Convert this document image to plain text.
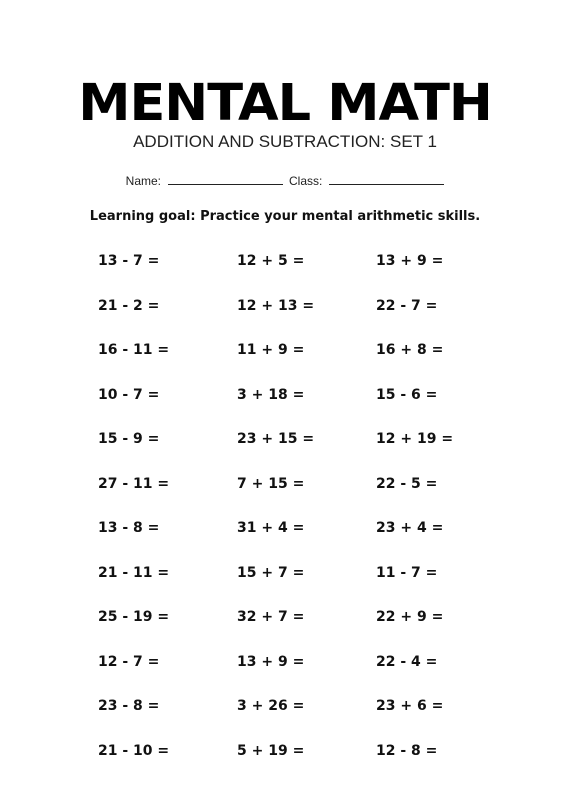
MENTAL MATH
ADDITION AND SUBTRACTION: SET 1
Name:	Class:
Learning goal: Practice your mental arithmetic skills.
13 - 7 =	12 + 5 =	13 + 9 =
21 - 2 =	12 + 13 =	22 - 7 =
16 - 11 =	11 + 9 =	16 + 8 =
10 - 7 =	3 + 18 =	15 - 6 =
15 - 9 =	23 + 15 =	12 + 19 =
27 - 11 =	7 + 15 =	22 - 5 =
13 - 8 =	31 + 4 =	23 + 4 =
21 - 11 =	15 + 7 =	11 - 7 =
25 - 19 =	32 + 7 =	22 + 9 =
12 - 7 =	13 + 9 =	22 - 4 =
23 - 8 =	3 + 26 =	23 + 6 =
21 - 10 =	5 + 19 =	12 - 8 =
